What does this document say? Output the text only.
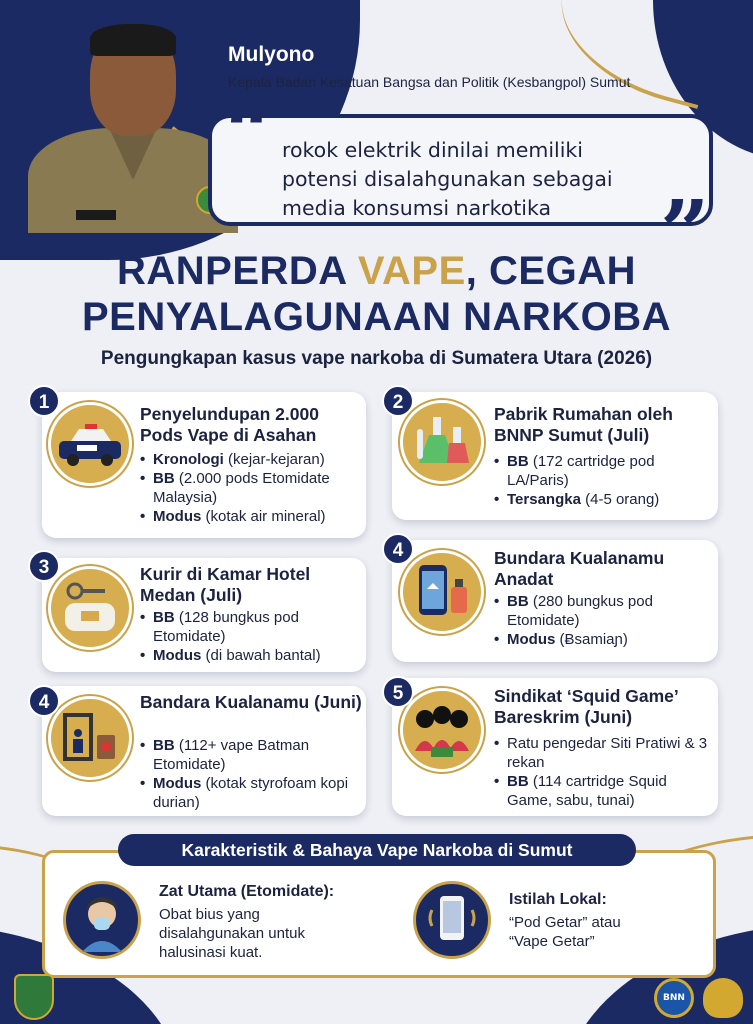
Mulyono
Kepala Badan Kesatuan Bangsa dan Politik (Kesbangpol) Sumut
rokok elektrik dinilai memiliki
potensi disalahgunakan sebagai
media konsumsi narkotika
“
”
RANPERDA VAPE, CEGAH
PENYALAGUNAAN NARKOBA
Pengungkapan kasus vape narkoba di Sumatera Utara (2026)
Penyelundupan 2.000 Pods Vape di Asahan
• Kronologi (kejar-kejaran)
• BB (2.000 pods Etomidate Malaysia)
• Modus (kotak air mineral)
1
Pabrik Rumahan oleh BNNP Sumut (Juli)
• BB (172 cartridge pod LA/Paris)
• Tersangka (4-5 orang)
2
Kurir di Kamar Hotel Medan (Juli)
• BB (128 bungkus pod Etomidate)
• Modus (di bawah bantal)
3	Bundara Kualanamu Anadat
• BB (280 bungkus pod Etomidate)
• Modus (Ƀsamiaɲ)
4
Bandara Kualanamu (Juni)
• BB (112+ vape Batman Etomidate)
• Modus (kotak styrofoam kopi durian)
4	Sindikat ‘Squid Game’ Bareskrim (Juni)
• Ratu pengedar Siti Pratiwi & 3 rekan
• BB (114 cartridge Squid Game, sabu, tunai)
5
Zat Utama (Etomidate):
Obat bius yang disalahgunakan untuk halusinasi kuat.
Istilah Lokal:
“Pod Getar” atau “Vape Getar”
Karakteristik & Bahaya Vape Narkoba di Sumut
BNN
